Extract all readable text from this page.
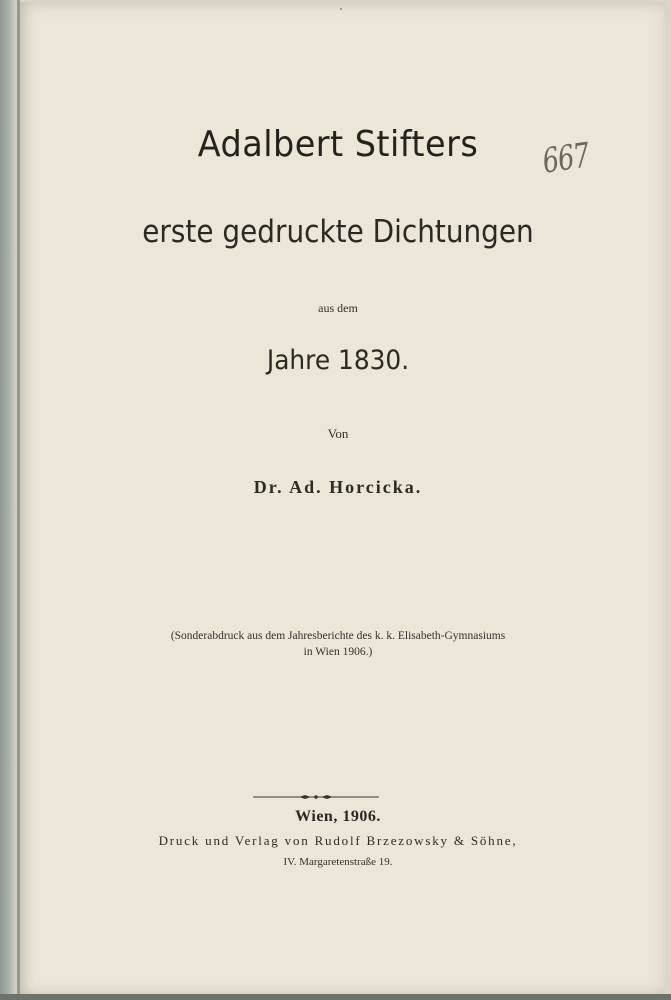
Adalbert Stifters
erste gedruckte Dichtungen
aus dem
Jahre 1830.
Von
Dr. Ad. Horcicka.
(Sonderabdruck aus dem Jahresberichte des k. k. Elisabeth-Gymnasiums
in Wien 1906.)
Wien, 1906.
Druck und Verlag von Rudolf Brzezowsky & Söhne,
IV. Margaretenstraße 19.
667
